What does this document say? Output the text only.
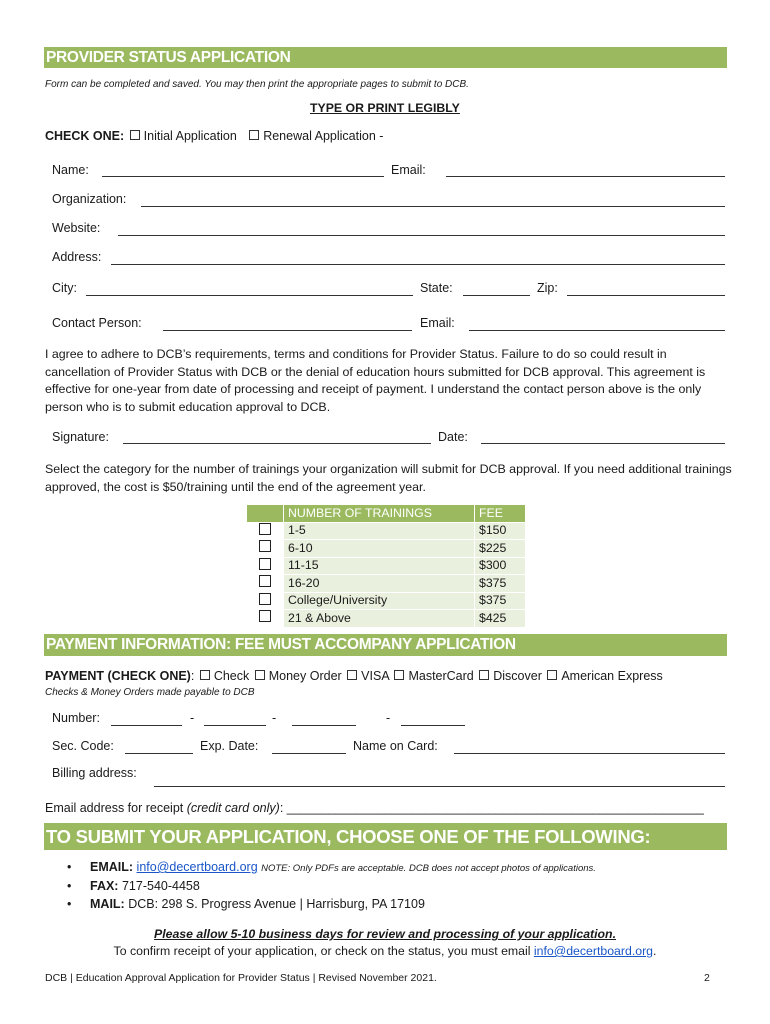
PROVIDER STATUS APPLICATION
Form can be completed and saved. You may then print the appropriate pages to submit to DCB.
TYPE OR PRINT LEGIBLY
CHECK ONE: Initial Application Renewal Application -
Name:	Email:
Organization:
Website:
Address:
City:	State:	Zip:
Contact Person:	Email:
I agree to adhere to DCB’s requirements, terms and conditions for Provider Status. Failure to do so could result in cancellation of Provider Status with DCB or the denial of education hours submitted for DCB approval. This agreement is effective for one-year from date of processing and receipt of payment. I understand the contact person above is the only person who is to submit education approval to DCB.
Signature:	Date:
Select the category for the number of trainings your organization will submit for DCB approval. If you need additional trainings approved, the cost is $50/training until the end of the agreement year.
	NUMBER OF TRAININGS	FEE
	1-5	$150
	6-10	$225
	11-15	$300
	16-20	$375
	College/University	$375
	21 & Above	$425
PAYMENT INFORMATION: FEE MUST ACCOMPANY APPLICATION
PAYMENT (CHECK ONE): Check Money Order VISA MasterCard Discover American Express
Checks & Money Orders made payable to DCB
Number:	-	-	-
Sec. Code:	Exp. Date:	Name on Card:
Billing address:
Email address for receipt (credit card only): ____________________________________________________________
TO SUBMIT YOUR APPLICATION, CHOOSE ONE OF THE FOLLOWING:
• EMAIL: info@decertboard.org NOTE: Only PDFs are acceptable. DCB does not accept photos of applications.
• FAX: 717-540-4458
• MAIL: DCB: 298 S. Progress Avenue | Harrisburg, PA 17109
Please allow 5-10 business days for review and processing of your application.
To confirm receipt of your application, or check on the status, you must email info@decertboard.org.
DCB | Education Approval Application for Provider Status | Revised November 2021.	2
